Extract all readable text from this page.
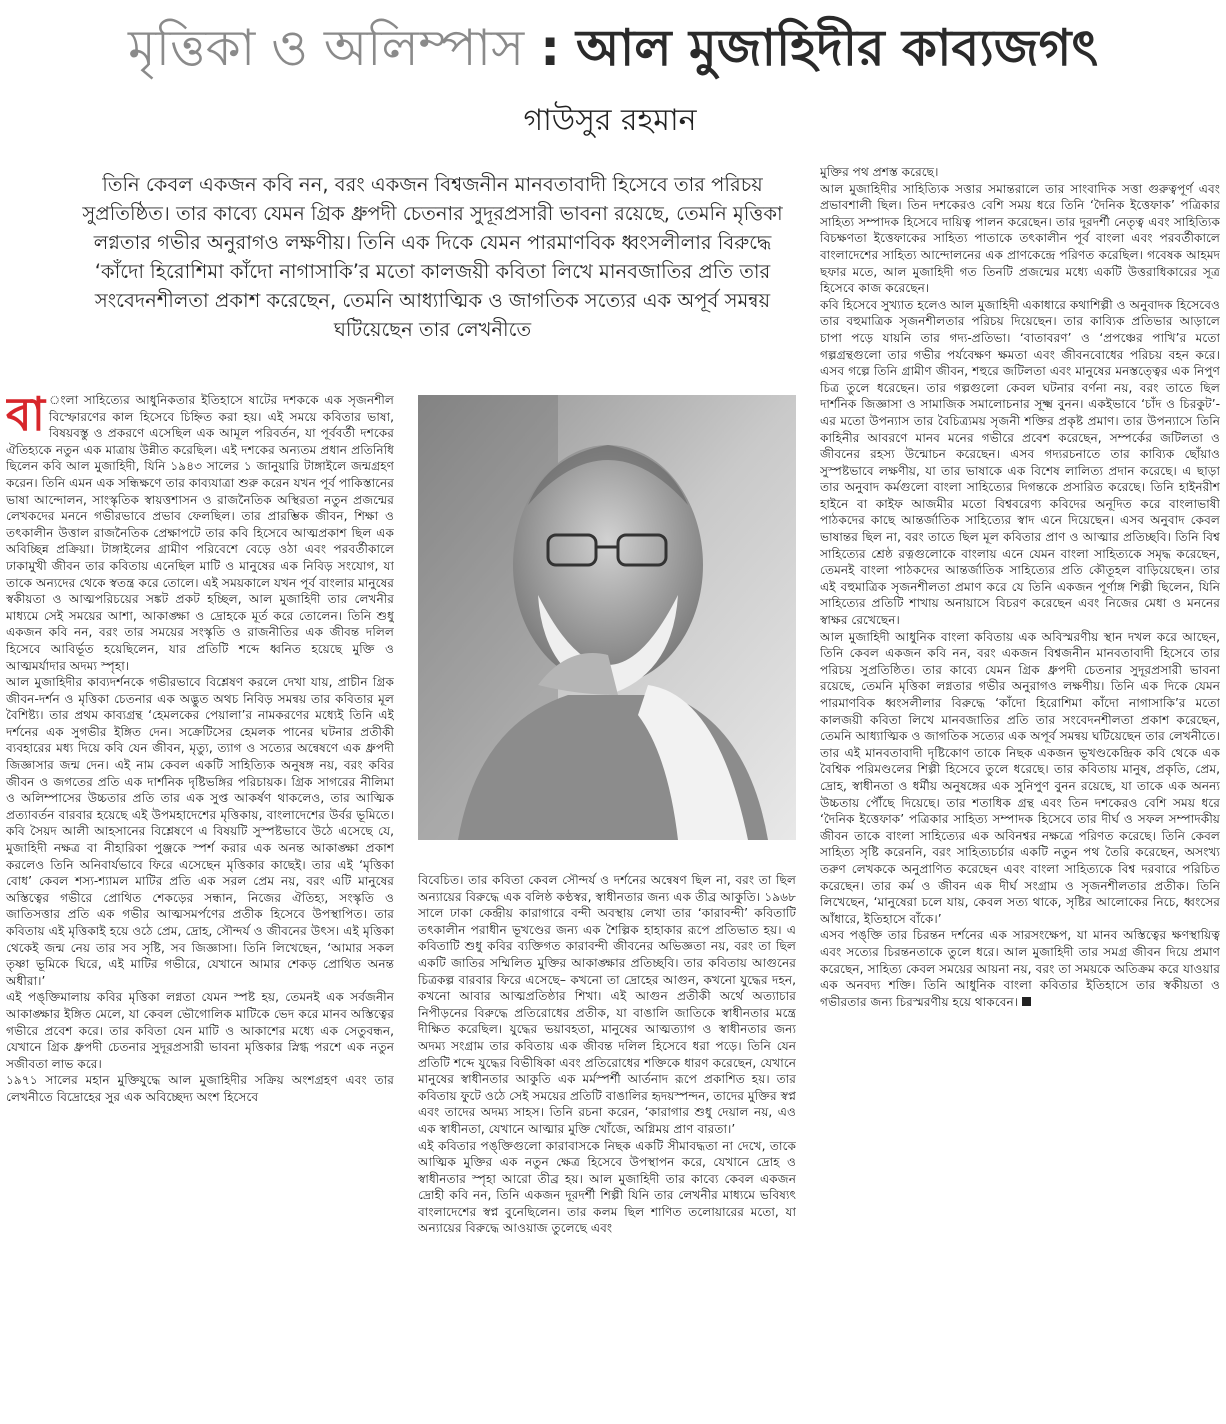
মৃত্তিকা ও অলিম্পাস : আল মুজাহিদীর কাব্যজগৎ
গাউসুর রহমান
তিনি কেবল একজন কবি নন, বরং একজন বিশ্বজনীন মানবতাবাদী হিসেবে তার পরিচয় সুপ্রতিষ্ঠিত। তার কাব্যে যেমন গ্রিক ধ্রুপদী চেতনার সুদূরপ্রসারী ভাবনা রয়েছে, তেমনি মৃত্তিকা লগ্নতার গভীর অনুরাগও লক্ষণীয়। তিনি এক দিকে যেমন পারমাণবিক ধ্বংসলীলার বিরুদ্ধে ‘কাঁদো হিরোশিমা কাঁদো নাগাসাকি’র মতো কালজয়ী কবিতা লিখে মানবজাতির প্রতি তার সংবেদনশীলতা প্রকাশ করেছেন, তেমনি আধ্যাত্মিক ও জাগতিক সত্যের এক অপূর্ব সমন্বয় ঘটিয়েছেন তার লেখনীতে

বা ংলা সাহিত্যের আধুনিকতার ইতিহাসে ষাটের দশককে এক সৃজনশীল বিস্ফোরণের কাল হিসেবে চিহ্নিত করা হয়। এই সময়ে কবিতার ভাষা, বিষয়বস্তু ও প্রকরণে এসেছিল এক আমূল পরিবর্তন, যা পূর্ববর্তী দশকের ঐতিহ্যকে নতুন এক মাত্রায় উন্নীত করেছিল। এই দশকের অন্যতম প্রধান প্রতিনিধি ছিলেন কবি আল মুজাহিদী, যিনি ১৯৪৩ সালের ১ জানুয়ারি টাঙ্গাইলে জন্মগ্রহণ করেন। তিনি এমন এক সন্ধিক্ষণে তার কাব্যযাত্রা শুরু করেন যখন পূর্ব পাকিস্তানের ভাষা আন্দোলন, সাংস্কৃতিক স্বায়ত্তশাসন ও রাজনৈতিক অস্থিরতা নতুন প্রজন্মের লেখকদের মননে গভীরভাবে প্রভাব ফেলছিল। তার প্রারম্ভিক জীবন, শিক্ষা ও তৎকালীন উত্তাল রাজনৈতিক প্রেক্ষাপটে তার কবি হিসেবে আত্মপ্রকাশ ছিল এক অবিচ্ছিন্ন প্রক্রিয়া। টাঙ্গাইলের গ্রামীণ পরিবেশে বেড়ে ওঠা এবং পরবর্তীকালে ঢাকামুখী জীবন তার কবিতায় এনেছিল মাটি ও মানুষের এক নিবিড় সংযোগ, যা তাকে অন্যদের থেকে স্বতন্ত্র করে তোলে। এই সময়কালে যখন পূর্ব বাংলার মানুষের স্বকীয়তা ও আত্মপরিচয়ের সঙ্কট প্রকট হচ্ছিল, আল মুজাহিদী তার লেখনীর মাধ্যমে সেই সময়ের আশা, আকাঙ্ক্ষা ও দ্রোহকে মূর্ত করে তোলেন। তিনি শুধু একজন কবি নন, বরং তার সময়ের সংস্কৃতি ও রাজনীতির এক জীবন্ত দলিল হিসেবে আবির্ভূত হয়েছিলেন, যার প্রতিটি শব্দে ধ্বনিত হয়েছে মুক্তি ও আত্মমর্যাদার অদম্য স্পৃহা।

আল মুজাহিদীর কাব্যদর্শনকে গভীরভাবে বিশ্লেষণ করলে দেখা যায়, প্রাচীন গ্রিক জীবন-দর্শন ও মৃত্তিকা চেতনার এক অদ্ভুত অথচ নিবিড় সমন্বয় তার কবিতার মূল বৈশিষ্ট্য। তার প্রথম কাব্যগ্রন্থ ‘হেমলকের পেয়ালা’র নামকরণের মধ্যেই তিনি এই দর্শনের এক সুগভীর ইঙ্গিত দেন। সক্রেটিসের হেমলক পানের ঘটনার প্রতীকী ব্যবহারের মধ্য দিয়ে কবি যেন জীবন, মৃত্যু, ত্যাগ ও সত্যের অন্বেষণে এক ধ্রুপদী জিজ্ঞাসার জন্ম দেন। এই নাম কেবল একটি সাহিত্যিক অনুষঙ্গ নয়, বরং কবির জীবন ও জগতের প্রতি এক দার্শনিক দৃষ্টিভঙ্গির পরিচায়ক। গ্রিক সাগরের নীলিমা ও অলিম্পাসের উচ্চতার প্রতি তার এক সুপ্ত আকর্ষণ থাকলেও, তার আত্মিক প্রত্যাবর্তন বারবার হয়েছে এই উপমহাদেশের মৃত্তিকায়, বাংলাদেশের উর্বর ভূমিতে। কবি সৈয়দ আলী আহসানের বিশ্লেষণে এ বিষয়টি সুস্পষ্টভাবে উঠে এসেছে যে, মুজাহিদী নক্ষত্র বা নীহারিকা পুঞ্জকে স্পর্শ করার এক অনন্ত আকাঙ্ক্ষা প্রকাশ করলেও তিনি অনিবার্যভাবে ফিরে এসেছেন মৃত্তিকার কাছেই। তার এই ‘মৃত্তিকা বোধ’ কেবল শস্য-শ্যামল মাটির প্রতি এক সরল প্রেম নয়, বরং এটি মানুষের অস্তিত্বের গভীরে প্রোথিত শেকড়ের সন্ধান, নিজের ঐতিহ্য, সংস্কৃতি ও জাতিসত্তার প্রতি এক গভীর আত্মসমর্পণের প্রতীক হিসেবে উপস্থাপিত। তার কবিতায় এই মৃত্তিকাই হয়ে ওঠে প্রেম, দ্রোহ, সৌন্দর্য ও জীবনের উৎস। এই মৃত্তিকা থেকেই জন্ম নেয় তার সব সৃষ্টি, সব জিজ্ঞাসা। তিনি লিখেছেন, ‘আমার সকল তৃষ্ণা ভূমিকে ঘিরে, এই মাটির গভীরে, যেখানে আমার শেকড় প্রোথিত অনন্ত অধীরা।’

এই পঙ্‌ক্তিমালায় কবির মৃত্তিকা লগ্নতা যেমন স্পষ্ট হয়, তেমনই এক সর্বজনীন আকাঙ্ক্ষার ইঙ্গিত মেলে, যা কেবল ভৌগোলিক মাটিকে ভেদ করে মানব অস্তিত্বের গভীরে প্রবেশ করে। তার কবিতা যেন মাটি ও আকাশের মধ্যে এক সেতুবন্ধন, যেখানে গ্রিক ধ্রুপদী চেতনার সুদূরপ্রসারী ভাবনা মৃত্তিকার স্নিগ্ধ পরশে এক নতুন সজীবতা লাভ করে।

১৯৭১ সালের মহান মুক্তিযুদ্ধে আল মুজাহিদীর সক্রিয় অংশগ্রহণ এবং তার লেখনীতে বিদ্রোহের সুর এক অবিচ্ছেদ্য অংশ হিসেবে

বিবেচিত। তার কবিতা কেবল সৌন্দর্য ও দর্শনের অন্বেষণ ছিল না, বরং তা ছিল অন্যায়ের বিরুদ্ধে এক বলিষ্ঠ কণ্ঠস্বর, স্বাধীনতার জন্য এক তীব্র আকুতি। ১৯৬৮ সালে ঢাকা কেন্দ্রীয় কারাগারে বন্দী অবস্থায় লেখা তার ‘কারাবন্দী’ কবিতাটি তৎকালীন পরাধীন ভূখণ্ডের জন্য এক শৈল্পিক হাহাকার রূপে প্রতিভাত হয়। এ কবিতাটি শুধু কবির ব্যক্তিগত কারাবন্দী জীবনের অভিজ্ঞতা নয়, বরং তা ছিল একটি জাতির সম্মিলিত মুক্তির আকাঙ্ক্ষার প্রতিচ্ছবি। তার কবিতায় আগুনের চিত্রকল্প বারবার ফিরে এসেছে– কখনো তা দ্রোহের আগুন, কখনো যুদ্ধের দহন, কখনো আবার আত্মপ্রতিষ্ঠার শিখা। এই আগুন প্রতীকী অর্থে অত্যাচার নিপীড়নের বিরুদ্ধে প্রতিরোধের প্রতীক, যা বাঙালি জাতিকে স্বাধীনতার মন্ত্রে দীক্ষিত করেছিল। যুদ্ধের ভয়াবহতা, মানুষের আত্মত্যাগ ও স্বাধীনতার জন্য অদম্য সংগ্রাম তার কবিতায় এক জীবন্ত দলিল হিসেবে ধরা পড়ে। তিনি যেন প্রতিটি শব্দে যুদ্ধের বিভীষিকা এবং প্রতিরোধের শক্তিকে ধারণ করেছেন, যেখানে মানুষের স্বাধীনতার আকুতি এক মর্মস্পর্শী আর্তনাদ রূপে প্রকাশিত হয়। তার কবিতায় ফুটে ওঠে সেই সময়ের প্রতিটি বাঙালির হৃদয়স্পন্দন, তাদের মুক্তির স্বপ্ন এবং তাদের অদম্য সাহস। তিনি রচনা করেন, ‘কারাগার শুধু দেয়াল নয়, এও এক স্বাধীনতা, যেখানে আত্মার মুক্তি খোঁজে, অগ্নিময় প্রাণ বারতা।’

এই কবিতার পঙ্‌ক্তিগুলো কারাবাসকে নিছক একটি সীমাবদ্ধতা না দেখে, তাকে আত্মিক মুক্তির এক নতুন ক্ষেত্র হিসেবে উপস্থাপন করে, যেখানে দ্রোহ ও স্বাধীনতার স্পৃহা আরো তীব্র হয়। আল মুজাহিদী তার কাব্যে কেবল একজন দ্রোহী কবি নন, তিনি একজন দূরদর্শী শিল্পী যিনি তার লেখনীর মাধ্যমে ভবিষ্যৎ বাংলাদেশের স্বপ্ন বুনেছিলেন। তার কলম ছিল শাণিত তলোয়ারের মতো, যা অন্যায়ের বিরুদ্ধে আওয়াজ তুলেছে এবং

মুক্তির পথ প্রশস্ত করেছে।

আল মুজাহিদীর সাহিত্যিক সত্তার সমান্তরালে তার সাংবাদিক সত্তা গুরুত্বপূর্ণ এবং প্রভাবশালী ছিল। তিন দশকেরও বেশি সময় ধরে তিনি ‘দৈনিক ইত্তেফাক’ পত্রিকার সাহিত্য সম্পাদক হিসেবে দায়িত্ব পালন করেছেন। তার দূরদর্শী নেতৃত্ব এবং সাহিত্যিক বিচক্ষণতা ইত্তেফাকের সাহিত্য পাতাকে তৎকালীন পূর্ব বাংলা এবং পরবর্তীকালে বাংলাদেশের সাহিত্য আন্দোলনের এক প্রাণকেন্দ্রে পরিণত করেছিল। গবেষক আহমদ ছফার মতে, আল মুজাহিদী গত তিনটি প্রজন্মের মধ্যে একটি উত্তরাধিকারের সূত্র হিসেবে কাজ করেছেন।

কবি হিসেবে সুখ্যাত হলেও আল মুজাহিদী একাধারে কথাশিল্পী ও অনুবাদক হিসেবেও তার বহুমাত্রিক সৃজনশীলতার পরিচয় দিয়েছেন। তার কাব্যিক প্রতিভার আড়ালে চাপা পড়ে যায়নি তার গদ্য-প্রতিভা। ‘বাতাবরণ’ ও ‘প্রপঞ্চের পাখি’র মতো গল্পগ্রন্থগুলো তার গভীর পর্যবেক্ষণ ক্ষমতা এবং জীবনবোধের পরিচয় বহন করে। এসব গল্পে তিনি গ্রামীণ জীবন, শহুরে জটিলতা এবং মানুষের মনস্তত্ত্বের এক নিপুণ চিত্র তুলে ধরেছেন। তার গল্পগুলো কেবল ঘটনার বর্ণনা নয়, বরং তাতে ছিল দার্শনিক জিজ্ঞাসা ও সামাজিক সমালোচনার সূক্ষ্ম বুনন। একইভাবে ‘চাঁদ ও চিরকুট’-এর মতো উপন্যাস তার বৈচিত্র্যময় সৃজনী শক্তির প্রকৃষ্ট প্রমাণ। তার উপন্যাসে তিনি কাহিনীর আবরণে মানব মনের গভীরে প্রবেশ করেছেন, সম্পর্কের জটিলতা ও জীবনের রহস্য উন্মোচন করেছেন। এসব গদ্যরচনাতে তার কাব্যিক ছোঁয়াও সুস্পষ্টভাবে লক্ষণীয়, যা তার ভাষাকে এক বিশেষ লালিত্য প্রদান করেছে। এ ছাড়া তার অনুবাদ কর্মগুলো বাংলা সাহিত্যের দিগন্তকে প্রসারিত করেছে। তিনি হাইনরীশ হাইনে বা কাইফ আজমীর মতো বিশ্ববরেণ্য কবিদের অনূদিত করে বাংলাভাষী পাঠকদের কাছে আন্তর্জাতিক সাহিত্যের স্বাদ এনে দিয়েছেন। এসব অনুবাদ কেবল ভাষান্তর ছিল না, বরং তাতে ছিল মূল কবিতার প্রাণ ও আত্মার প্রতিচ্ছবি। তিনি বিশ্ব সাহিত্যের শ্রেষ্ঠ রত্নগুলোকে বাংলায় এনে যেমন বাংলা সাহিত্যকে সমৃদ্ধ করেছেন, তেমনই বাংলা পাঠকদের আন্তর্জাতিক সাহিত্যের প্রতি কৌতূহল বাড়িয়েছেন। তার এই বহুমাত্রিক সৃজনশীলতা প্রমাণ করে যে তিনি একজন পূর্ণাঙ্গ শিল্পী ছিলেন, যিনি সাহিত্যের প্রতিটি শাখায় অনায়াসে বিচরণ করেছেন এবং নিজের মেধা ও মননের স্বাক্ষর রেখেছেন।

আল মুজাহিদী আধুনিক বাংলা কবিতায় এক অবিস্মরণীয় স্থান দখল করে আছেন, তিনি কেবল একজন কবি নন, বরং একজন বিশ্বজনীন মানবতাবাদী হিসেবে তার পরিচয় সুপ্রতিষ্ঠিত। তার কাব্যে যেমন গ্রিক ধ্রুপদী চেতনার সুদূরপ্রসারী ভাবনা রয়েছে, তেমনি মৃত্তিকা লগ্নতার গভীর অনুরাগও লক্ষণীয়। তিনি এক দিকে যেমন পারমাণবিক ধ্বংসলীলার বিরুদ্ধে ‘কাঁদো হিরোশিমা কাঁদো নাগাসাকি’র মতো কালজয়ী কবিতা লিখে মানবজাতির প্রতি তার সংবেদনশীলতা প্রকাশ করেছেন, তেমনি আধ্যাত্মিক ও জাগতিক সত্যের এক অপূর্ব সমন্বয় ঘটিয়েছেন তার লেখনীতে। তার এই মানবতাবাদী দৃষ্টিকোণ তাকে নিছক একজন ভূখণ্ডকেন্দ্রিক কবি থেকে এক বৈশ্বিক পরিমণ্ডলের শিল্পী হিসেবে তুলে ধরেছে। তার কবিতায় মানুষ, প্রকৃতি, প্রেম, দ্রোহ, স্বাধীনতা ও ধর্মীয় অনুষঙ্গের এক সুনিপুণ বুনন রয়েছে, যা তাকে এক অনন্য উচ্চতায় পৌঁছে দিয়েছে। তার শতাধিক গ্রন্থ এবং তিন দশকেরও বেশি সময় ধরে ‘দৈনিক ইত্তেফাক’ পত্রিকার সাহিত্য সম্পাদক হিসেবে তার দীর্ঘ ও সফল সম্পাদকীয় জীবন তাকে বাংলা সাহিত্যের এক অবিনশ্বর নক্ষত্রে পরিণত করেছে। তিনি কেবল সাহিত্য সৃষ্টি করেননি, বরং সাহিত্যচর্চার একটি নতুন পথ তৈরি করেছেন, অসংখ্য তরুণ লেখককে অনুপ্রাণিত করেছেন এবং বাংলা সাহিত্যকে বিশ্ব দরবারে পরিচিত করেছেন। তার কর্ম ও জীবন এক দীর্ঘ সংগ্রাম ও সৃজনশীলতার প্রতীক। তিনি লিখেছেন, ‘মানুষেরা চলে যায়, কেবল সত্য থাকে, সৃষ্টির আলোকের নিচে, ধ্বংসের আঁধারে, ইতিহাসে বাঁকে।’

এসব পঙ্‌ক্তি তার চিরন্তন দর্শনের এক সারসংক্ষেপ, যা মানব অস্তিত্বের ক্ষণস্থায়িত্ব এবং সত্যের চিরন্তনতাকে তুলে ধরে। আল মুজাহিদী তার সমগ্র জীবন দিয়ে প্রমাণ করেছেন, সাহিত্য কেবল সময়ের আয়না নয়, বরং তা সময়কে অতিক্রম করে যাওয়ার এক অনবদ্য শক্তি। তিনি আধুনিক বাংলা কবিতার ইতিহাসে তার স্বকীয়তা ও গভীরতার জন্য চিরস্মরণীয় হয়ে থাকবেন।
